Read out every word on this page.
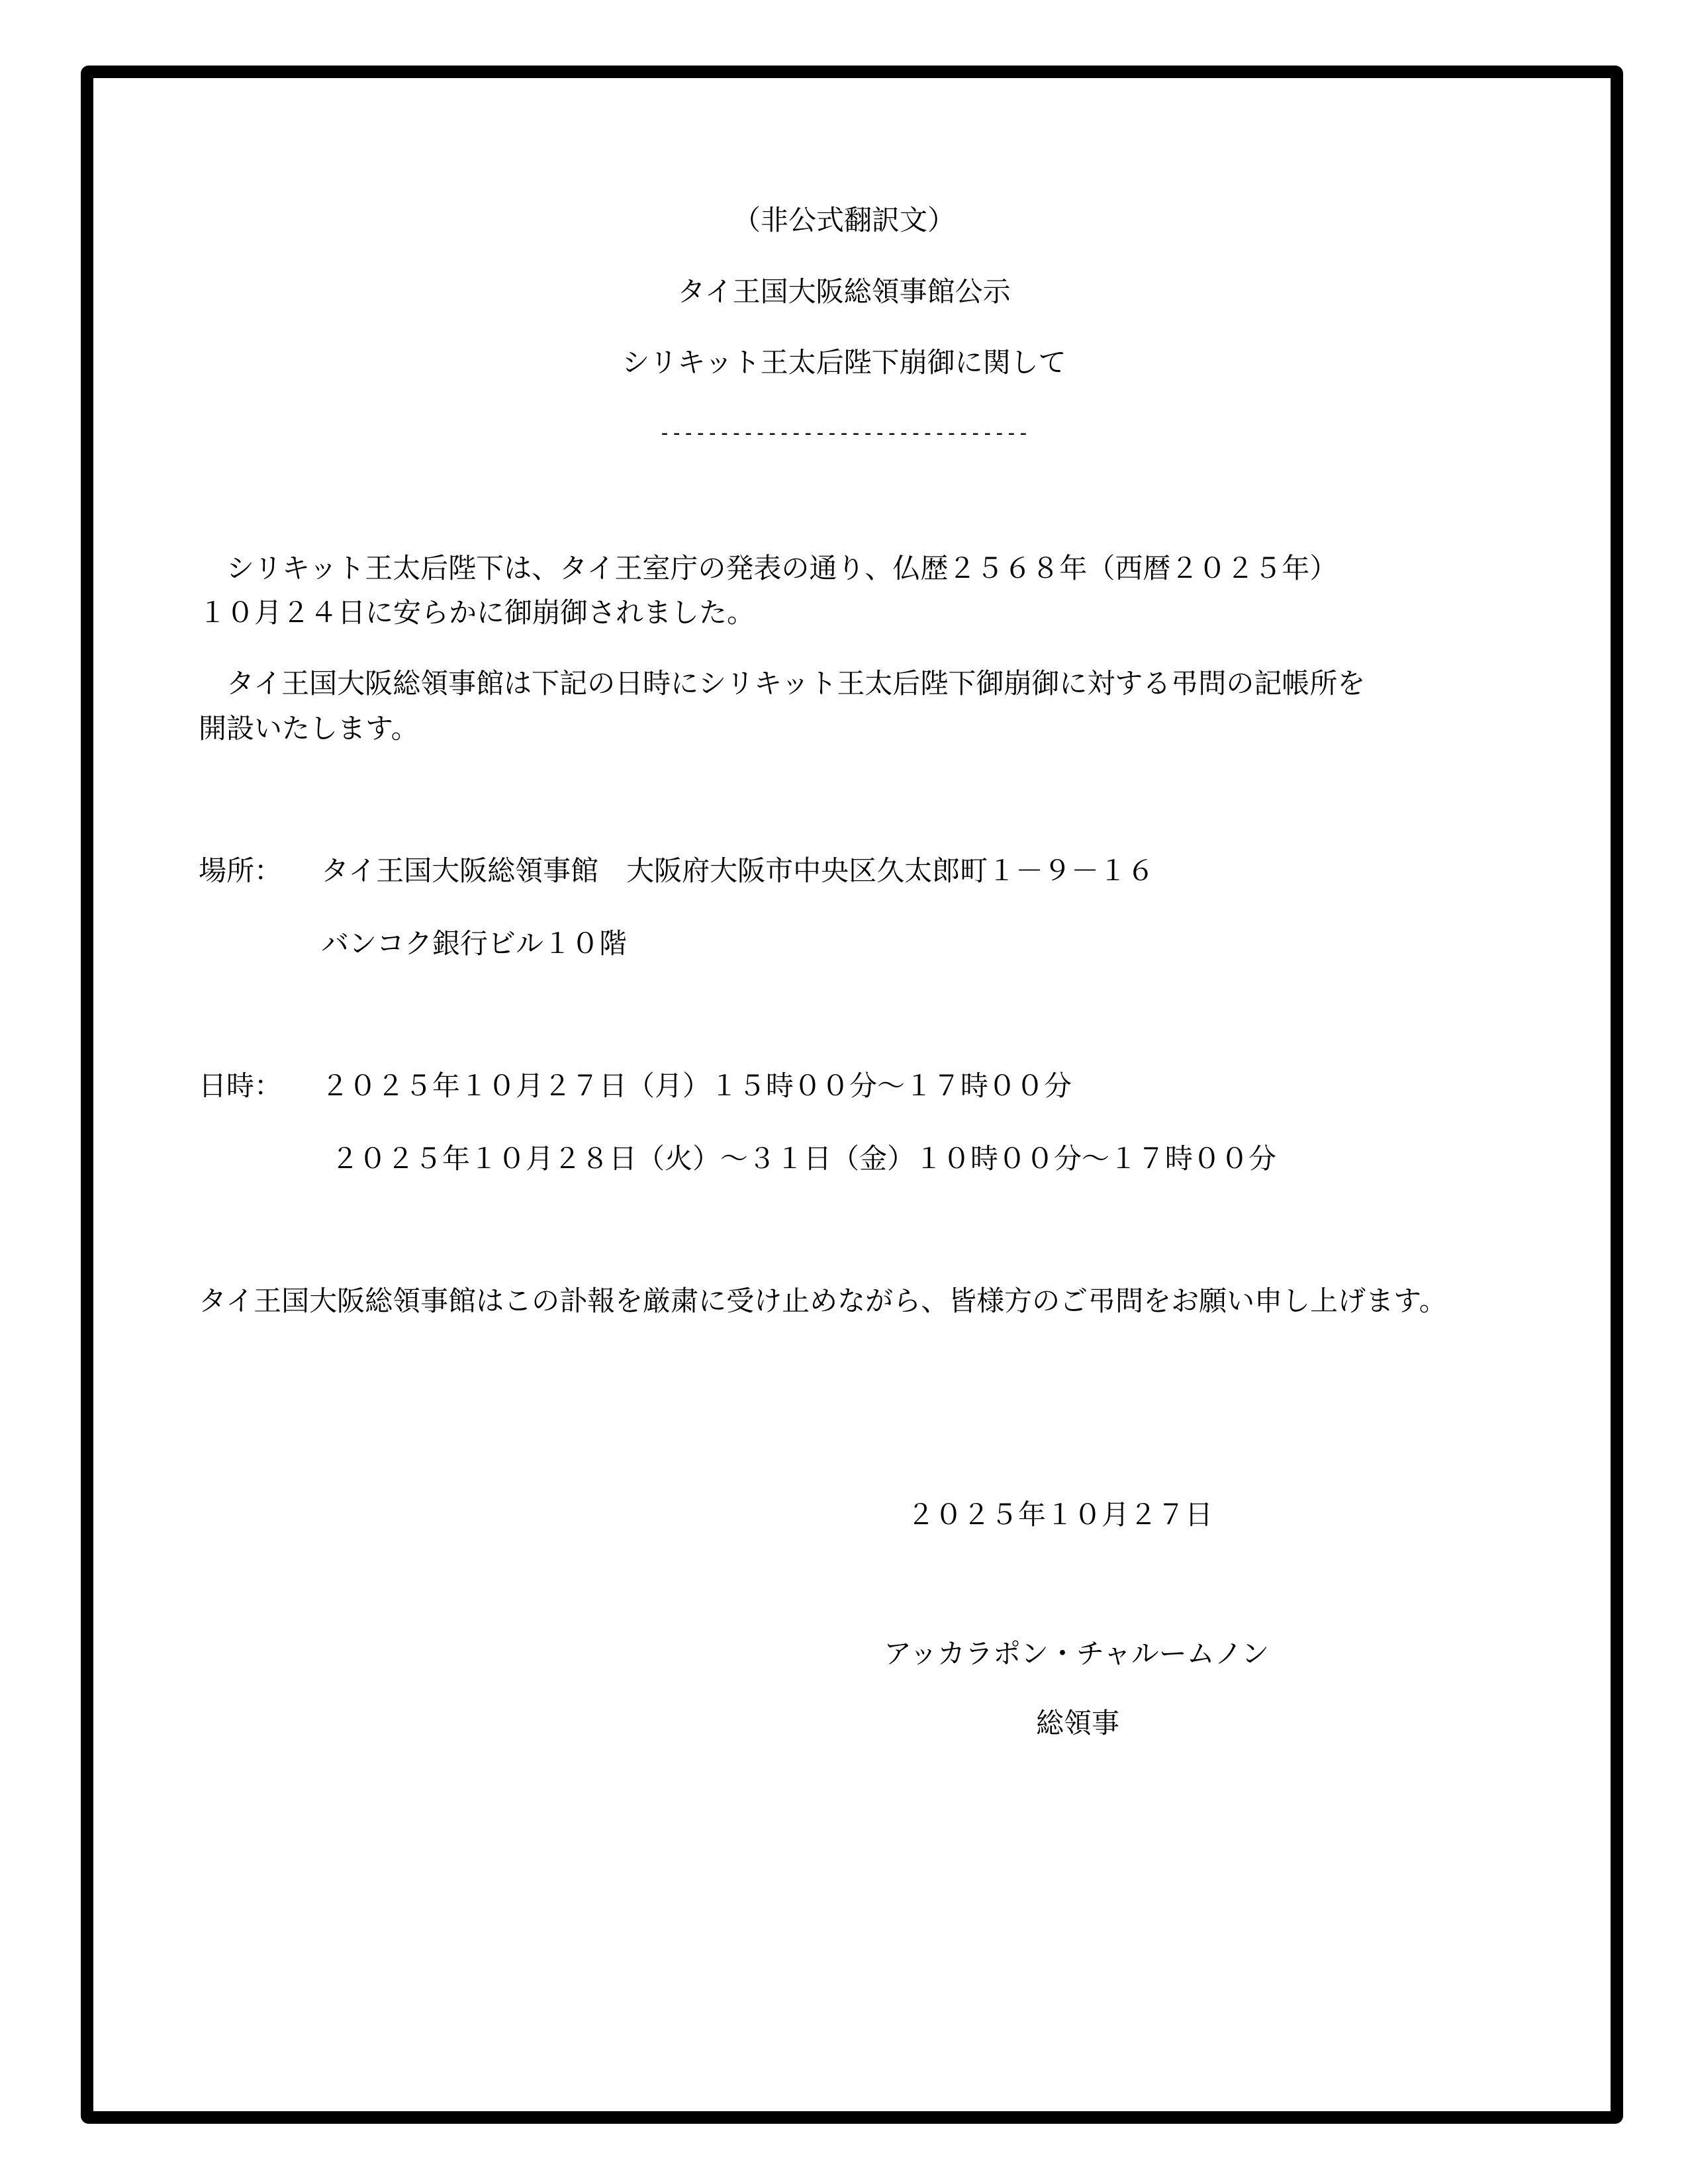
（非公式翻訳文）
タイ王国大阪総領事館公示
シリキット王太后陛下崩御に関して
-------------------------------
　シリキット王太后陛下は、タイ王室庁の発表の通り、仏歴２５６８年（西暦２０２５年）
１０月２４日に安らかに御崩御されました。
　タイ王国大阪総領事館は下記の日時にシリキット王太后陛下御崩御に対する弔問の記帳所を
開設いたします。
場所： タイ王国大阪総領事館　大阪府大阪市中央区久太郎町１－９－１６
バンコク銀行ビル１０階
日時： ２０２５年１０月２７日（月）１５時００分～１７時００分
２０２５年１０月２８日（火）～３１日（金）１０時００分～１７時００分
タイ王国大阪総領事館はこの訃報を厳粛に受け止めながら、皆様方のご弔問をお願い申し上げます。
２０２５年１０月２７日
アッカラポン・チャルームノン
総領事
